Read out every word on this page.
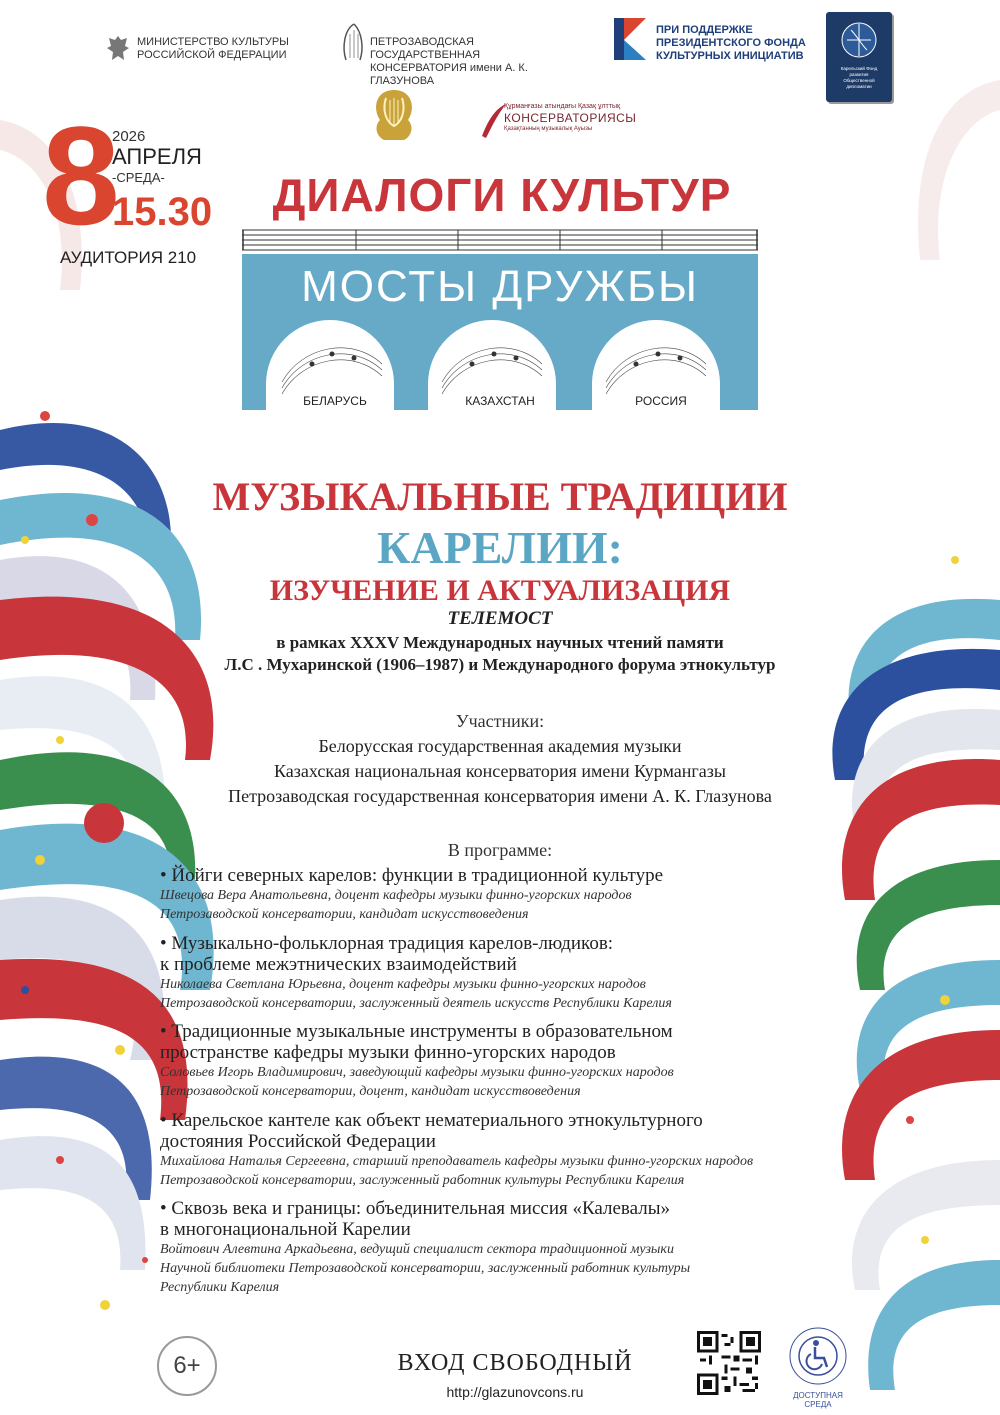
МИНИСТЕРСТВО КУЛЬТУРЫ
РОССИЙСКОЙ ФЕДЕРАЦИИ
ПЕТРОЗАВОДСКАЯ ГОСУДАРСТВЕННАЯ
КОНСЕРВАТОРИЯ имени А. К. ГЛАЗУНОВА
ПРИ ПОДДЕРЖКЕ
ПРЕЗИДЕНТСКОГО ФОНДА
КУЛЬТУРНЫХ ИНИЦИАТИВ
Карельский Фонд
развития
Общественной
дипломатии
Құрманғазы атындағы Қазақ ұлттық
КОНСЕРВАТОРИЯСЫ
Қазақтанның музыкалық Ауызы
8
2026
АПРЕЛЯ
-СРЕДА-
15.30
АУДИТОРИЯ 210
ДИАЛОГИ КУЛЬТУР
МОСТЫ ДРУЖБЫ
БЕЛАРУСЬ	КАЗАХСТАН	РОССИЯ
МУЗЫКАЛЬНЫЕ ТРАДИЦИИ
КАРЕЛИИ:
ИЗУЧЕНИЕ И АКТУАЛИЗАЦИЯ
ТЕЛЕМОСТ
в рамках XXXV Международных научных чтений памяти
Л.С . Мухаринской (1906–1987) и Международного форума этнокультур
Участники:
Белорусская государственная академия музыки
Казахская национальная консерватория имени Курмангазы
Петрозаводская государственная консерватория имени А. К. Глазунова
В программе:
• Йойги северных карелов: функции в традиционной культуре
Швецова Вера Анатольевна, доцент кафедры музыки финно-угорских народов
Петрозаводской консерватории, кандидат искусствоведения
• Музыкально-фольклорная традиция карелов-людиков:
к проблеме межэтнических взаимодействий
Николаева Светлана Юрьевна, доцент кафедры музыки финно-угорских народов
Петрозаводской консерватории, заслуженный деятель искусств Республики Карелия
• Традиционные музыкальные инструменты в образовательном
пространстве кафедры музыки финно-угорских народов
Соловьев Игорь Владимирович, заведующий кафедры музыки финно-угорских народов
Петрозаводской консерватории, доцент, кандидат искусствоведения
• Карельское кантеле как объект нематериального этнокультурного
достояния Российской Федерации
Михайлова Наталья Сергеевна, старший преподаватель кафедры музыки финно-угорских народов
Петрозаводской консерватории, заслуженный работник культуры Республики Карелия
• Сквозь века и границы: объединительная миссия «Калевалы»
в многонациональной Карелии
Войтович Алевтина Аркадьевна, ведущий специалист сектора традиционной музыки
Научной библиотеки Петрозаводской консерватории, заслуженный работник культуры
Республики Карелия
6+	ВХОД СВОБОДНЫЙ
http://glazunovcons.ru	ДОСТУПНАЯ
СРЕДА
